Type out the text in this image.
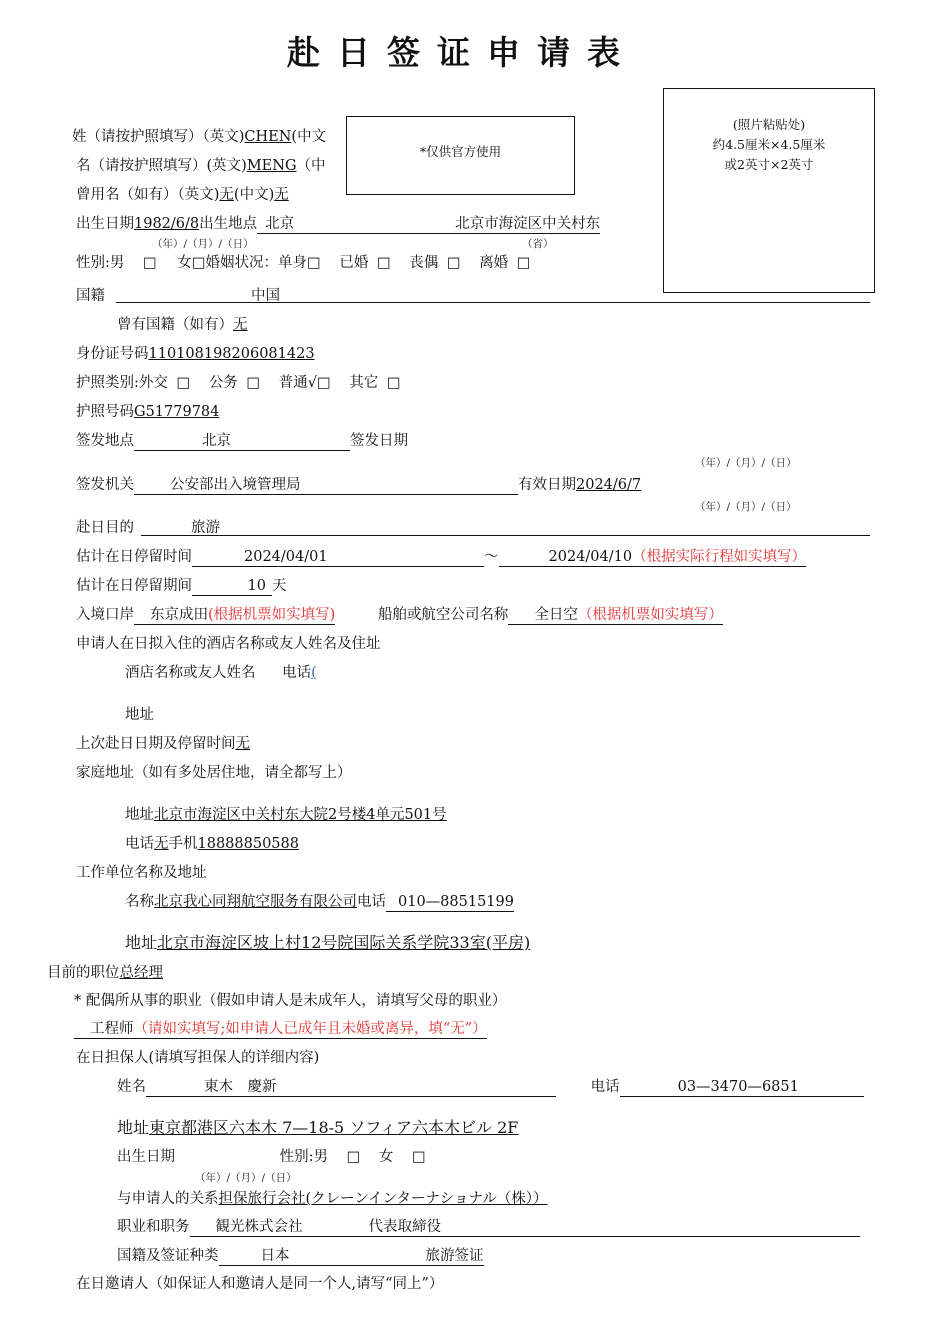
赴日签证申请表
(照片粘贴处)
约4.5厘米×4.5厘米
或2英寸×2英寸
姓（请按护照填写）（英文)CHEN(中文
名（请按护照填写）(英文)MENG（中
*仅供官方使用
曾用名（如有）（英文)无(中文)无
出生日期1982/6/8出生地点 北京	北京市海淀区中关村东
（年）/（月）/（日）	（省）
性别:男 □ 女□婚姻状况：单身□ 已婚 □ 丧偶 □ 离婚 □
国籍	中国
曾有国籍（如有）无
身份证号码110108198206081423
护照类别:外交 □ 公务 □ 普通√□ 其它 □
护照号码G51779784
签发地点	北京	签发日期
（年）/（月）/（日）
签发机关 公安部出入境管理局	有效日期2024/6/7
（年）/（月）/（日）
赴日目的	旅游
估计在日停留时间	2024/04/01	～	2024/04/10（根据实际行程如实填写）
估计在日停留期间	10 天
入境口岸 东京成田(根据机票如实填写)	船舶或航空公司名称 全日空（根据机票如实填写）
申请人在日拟入住的酒店名称或友人姓名及住址
酒店名称或友人姓名 电话(
地址
上次赴日日期及停留时间无
家庭地址（如有多处居住地，请全都写上）
地址北京市海淀区中关村东大院2号楼4单元501号
电话无手机18888850588
工作单位名称及地址
名称北京我心同翔航空服务有限公司电话 010—88515199
地址北京市海淀区坡上村12号院国际关系学院33室(平房)
目前的职位总经理
* 配偶所从事的职业（假如申请人是未成年人，请填写父母的职业）
工程师（请如实填写;如申请人已成年且未婚或离异，填“无”）
在日担保人(请填写担保人的详细内容)
姓名	東木　慶新	电话	03—3470—6851
地址東京都港区六本木 7—18-5 ソフィア六本木ビル 2F
出生日期	性别:男 □ 女 □
（年）/（月）/（日）
与申请人的关系担保旅行会社(クレーンインターナショナル（株））
职业和职务 観光株式会社	代表取締役
国籍及签证种类	日本	旅游签证
在日邀请人（如保证人和邀请人是同一个人,请写“同上”）
